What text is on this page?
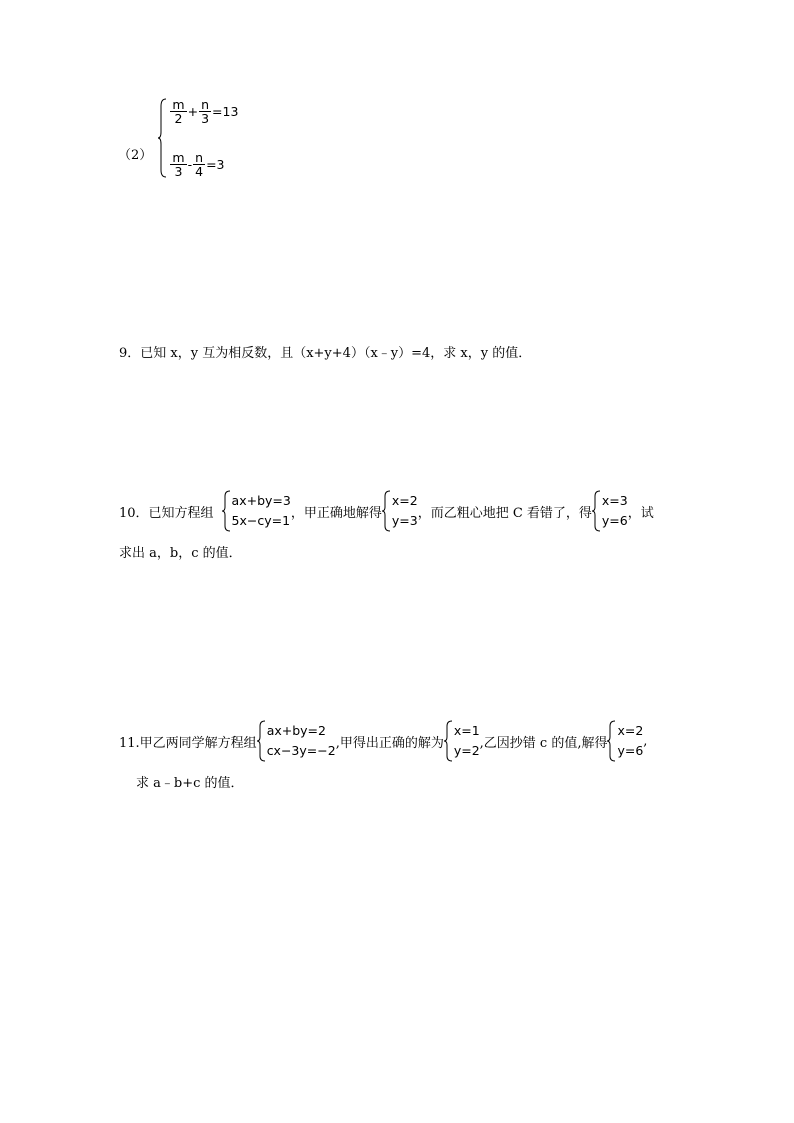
（2）
$\frac{m}{2} + \frac{n}{3} =13$
$\frac{m}{3} - \frac{n}{4} =3$
9．已知 x，y 互为相反数，且（x+y+4）（x﹣y）=4，求 x，y 的值．
10．已知方程组
ax+by=3
5x−cy=1 ，甲正确地解得
x=2
y=3 ，而乙粗心地把 C 看错了，得
x=3
y=6 ，试
求出 a，b，c 的值．
11.甲乙两同学解方程组
ax+by=2
cx−3y=−2 ,甲得出正确的解为
x=1
y=2 ,乙因抄错 c 的值,解得
x=2
y=6
,
求 a﹣b+c 的值．
